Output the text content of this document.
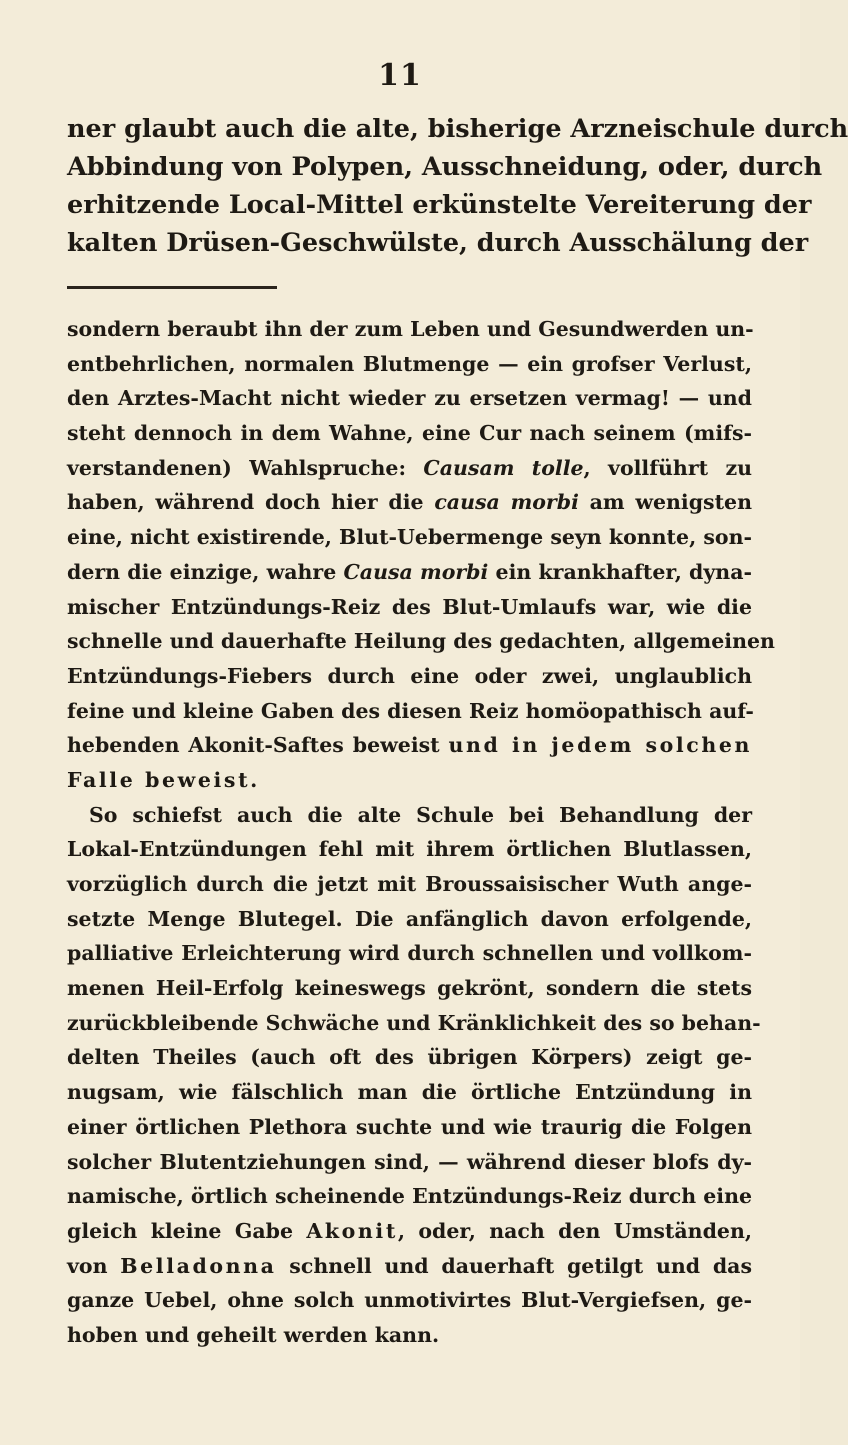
11
ner glaubt auch die alte, bisherige Arzneischule durch
Abbindung von Polypen, Ausschneidung, oder, durch
erhitzende Local-Mittel erkünstelte Vereiterung der
kalten Drüsen-Geschwülste, durch Ausschälung der
sondern beraubt ihn der zum Leben und Gesundwerden un-
entbehrlichen, normalen Blutmenge — ein grofser Verlust,
den Arztes-Macht nicht wieder zu ersetzen vermag! — und
steht dennoch in dem Wahne, eine Cur nach seinem (mifs-
verstandenen) Wahlspruche: Causam tolle, vollführt zu
haben, während doch hier die causa morbi am wenigsten
eine, nicht existirende, Blut-Uebermenge seyn konnte, son-
dern die einzige, wahre Causa morbi ein krankhafter, dyna-
mischer Entzündungs-Reiz des Blut-Umlaufs war, wie die
schnelle und dauerhafte Heilung des gedachten, allgemeinen
Entzündungs-Fiebers durch eine oder zwei, unglaublich
feine und kleine Gaben des diesen Reiz homöopathisch auf-
hebenden Akonit-Saftes beweist und in jedem solchen
Falle beweist.
So schiefst auch die alte Schule bei Behandlung der
Lokal-Entzündungen fehl mit ihrem örtlichen Blutlassen,
vorzüglich durch die jetzt mit Broussaisischer Wuth ange-
setzte Menge Blutegel. Die anfänglich davon erfolgende,
palliative Erleichterung wird durch schnellen und vollkom-
menen Heil-Erfolg keineswegs gekrönt, sondern die stets
zurückbleibende Schwäche und Kränklichkeit des so behan-
delten Theiles (auch oft des übrigen Körpers) zeigt ge-
nugsam, wie fälschlich man die örtliche Entzündung in
einer örtlichen Plethora suchte und wie traurig die Folgen
solcher Blutentziehungen sind, — während dieser blofs dy-
namische, örtlich scheinende Entzündungs-Reiz durch eine
gleich kleine Gabe Akonit, oder, nach den Umständen,
von Belladonna schnell und dauerhaft getilgt und das
ganze Uebel, ohne solch unmotivirtes Blut-Vergiefsen, ge-
hoben und geheilt werden kann.
